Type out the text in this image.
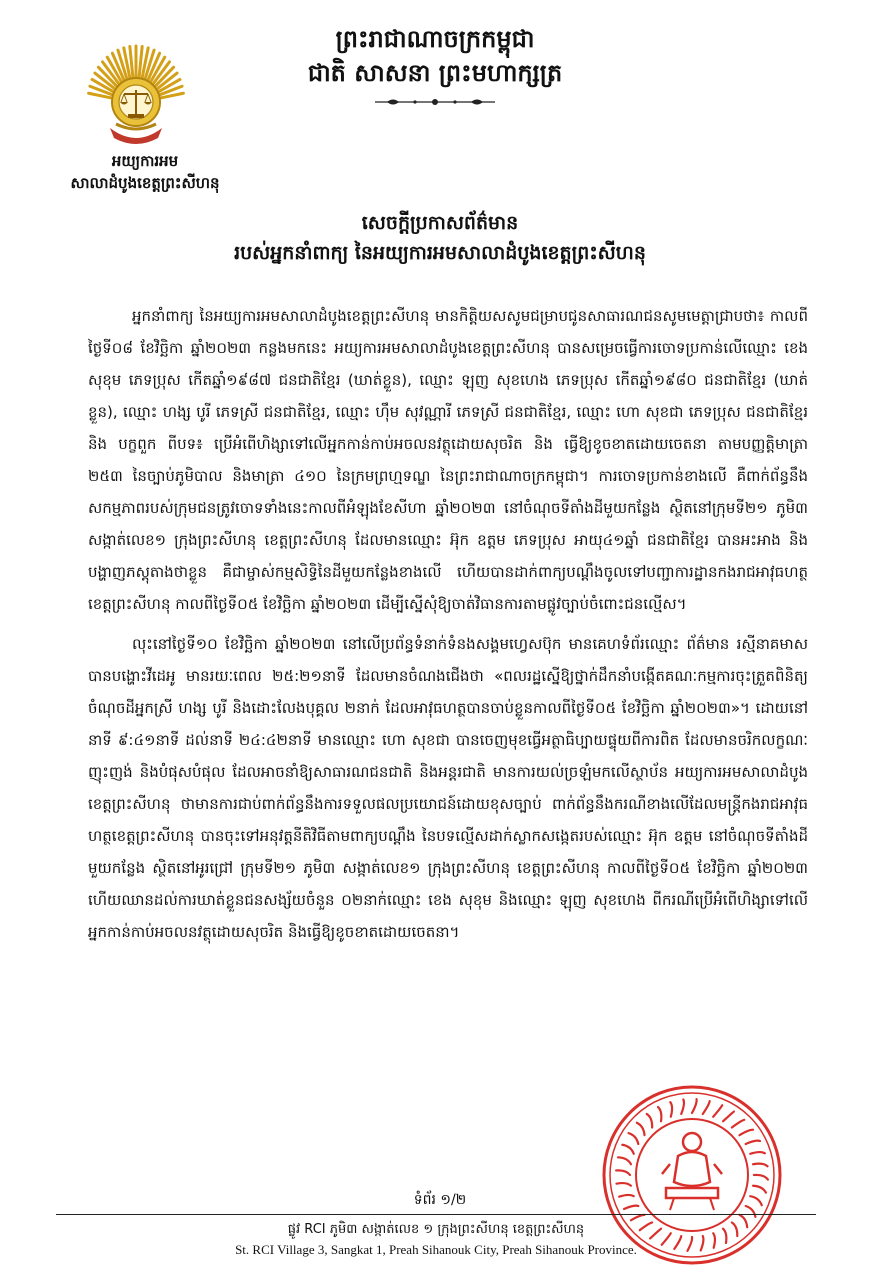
ព្រះរាជាណាចក្រកម្ពុជា
ជាតិ សាសនា ព្រះមហាក្សត្រ
អយ្យការអម
សាលាដំបូងខេត្តព្រះសីហនុ
សេចក្តីប្រកាសព័ត៌មាន
របស់អ្នកនាំពាក្យ នៃអយ្យការអមសាលាដំបូងខេត្តព្រះសីហនុ

អ្នកនាំពាក្យ នៃអយ្យការអមសាលាដំបូងខេត្តព្រះសីហនុ មានកិត្តិយសសូមជម្រាបជូនសាធារណជនសូមមេត្តាជ្រាបថា៖ កាលពីថ្ងៃទី០៨ ខែវិច្ឆិកា ឆ្នាំ២០២៣ កន្លងមកនេះ អយ្យការអមសាលាដំបូងខេត្តព្រះសីហនុ បានសម្រេចធ្វើការចោទប្រកាន់លើឈ្មោះ ខេង សុខុម ភេទប្រុស កើតឆ្នាំ១៩៨៧ ជនជាតិខ្មែរ (ឃាត់ខ្លួន), ឈ្មោះ ឡុញ សុខហេង ភេទប្រុស កើតឆ្នាំ១៩៨០ ជនជាតិខ្មែរ (ឃាត់ខ្លួន), ឈ្មោះ ហង្ស បូរី ភេទស្រី ជនជាតិខ្មែរ, ឈ្មោះ ហ៊ឹម សុវណ្ណារី ភេទស្រី ជនជាតិខ្មែរ, ឈ្មោះ ហោ សុខជា ភេទប្រុស ជនជាតិខ្មែរ និង បក្ខពួក ពីបទ៖ ប្រើអំពើហិង្សាទៅលើអ្នកកាន់កាប់អចលនវត្ថុដោយសុចរិត និង ធ្វើឱ្យខូចខាតដោយចេតនា តាមបញ្ញត្តិមាត្រា ២៥៣ នៃច្បាប់ភូមិបាល និងមាត្រា ៤១០ នៃក្រមព្រហ្មទណ្ឌ នៃព្រះរាជាណាចក្រកម្ពុជា។ ការចោទប្រកាន់ខាងលើ គឺពាក់ព័ន្ធនឹងសកម្មភាពរបស់ក្រុមជនត្រូវចោទទាំងនេះកាលពីអំឡុងខែសីហា ឆ្នាំ២០២៣ នៅចំណុចទីតាំងដីមួយកន្លែង ស្ថិតនៅក្រុមទី២១ ភូមិ៣ សង្កាត់លេខ១ ក្រុងព្រះសីហនុ ខេត្តព្រះសីហនុ ដែលមានឈ្មោះ អ៊ុក ឧត្តម ភេទប្រុស អាយុ៤១ឆ្នាំ ជនជាតិខ្មែរ បានអះអាង និងបង្ហាញភស្តុតាងថាខ្លួន គឺជាម្ចាស់កម្មសិទ្ធិនៃដីមួយកន្លែងខាងលើ ហើយបានដាក់ពាក្យបណ្តឹងចូលទៅបញ្ជាការដ្ឋានកងរាជអាវុធហត្ថខេត្តព្រះសីហនុ កាលពីថ្ងៃទី០៥ ខែវិច្ឆិកា ឆ្នាំ២០២៣ ដើម្បីស្នើសុំឱ្យចាត់វិធានការតាមផ្លូវច្បាប់ចំពោះជនល្មើស។

លុះនៅថ្ងៃទី១០ ខែវិច្ឆិកា ឆ្នាំ២០២៣ នៅលើប្រព័ន្ធទំនាក់ទំនងសង្គមហ្វេសប៊ុក មានគេហទំព័រឈ្មោះ ព័ត៌មាន រស្មីនាគមាស បានបង្ហោះវីដេអូ មានរយៈពេល ២៥:២១នាទី ដែលមានចំណងជើងថា «ពលរដ្ឋស្នើឱ្យថ្នាក់ដឹកនាំបង្កើតគណៈកម្មការចុះត្រួតពិនិត្យចំណុចដីអ្នកស្រី ហង្ស បូរី និងដោះលែងបុគ្គល ២នាក់ ដែលអាវុធហត្ថបានចាប់ខ្លួនកាលពីថ្ងៃទី០៥ ខែវិច្ឆិកា ឆ្នាំ២០២៣»។ ដោយនៅនាទី ៩:៤១នាទី ដល់នាទី ២៤:៤២នាទី មានឈ្មោះ ហោ សុខជា បានចេញមុខធ្វើអត្ថាធិប្បាយផ្ទុយពីការពិត ដែលមានចរិកលក្ខណៈញុះញង់ និងបំផុសបំផុល ដែលអាចនាំឱ្យសាធារណជនជាតិ និងអន្តរជាតិ មានការយល់ច្រឡំមកលើស្ថាប័ន អយ្យការអមសាលាដំបូងខេត្តព្រះសីហនុ ថាមានការជាប់ពាក់ព័ន្ធនឹងការទទួលផលប្រយោជន៍ដោយខុសច្បាប់ ពាក់ព័ន្ធនឹងករណីខាងលើដែលមន្ត្រីកងរាជអាវុធហត្ថខេត្តព្រះសីហនុ បានចុះទៅអនុវត្តនីតិវិធីតាមពាក្យបណ្តឹង នៃបទល្មើសដាក់ស្លាកសង្កេតរបស់ឈ្មោះ អ៊ុក ឧត្តម នៅចំណុចទីតាំងដីមួយកន្លែង ស្ថិតនៅអូរជ្រៅ ក្រុមទី២១ ភូមិ៣ សង្កាត់លេខ១ ក្រុងព្រះសីហនុ ខេត្តព្រះសីហនុ កាលពីថ្ងៃទី០៥ ខែវិច្ឆិកា ឆ្នាំ២០២៣ ហើយឈានដល់ការឃាត់ខ្លួនជនសង្ស័យចំនួន ០២នាក់ឈ្មោះ ខេង សុខុម និងឈ្មោះ ឡុញ សុខហេង ពីករណីប្រើអំពើហិង្សាទៅលើអ្នកកាន់កាប់អចលនវត្ថុដោយសុចរិត និងធ្វើឱ្យខូចខាតដោយចេតនា។

ទំព័រ ១/២
ផ្លូវ RCI ភូមិ៣ សង្កាត់លេខ ១ ក្រុងព្រះសីហនុ ខេត្តព្រះសីហនុ
St. RCI Village 3, Sangkat 1, Preah Sihanouk City, Preah Sihanouk Province.
